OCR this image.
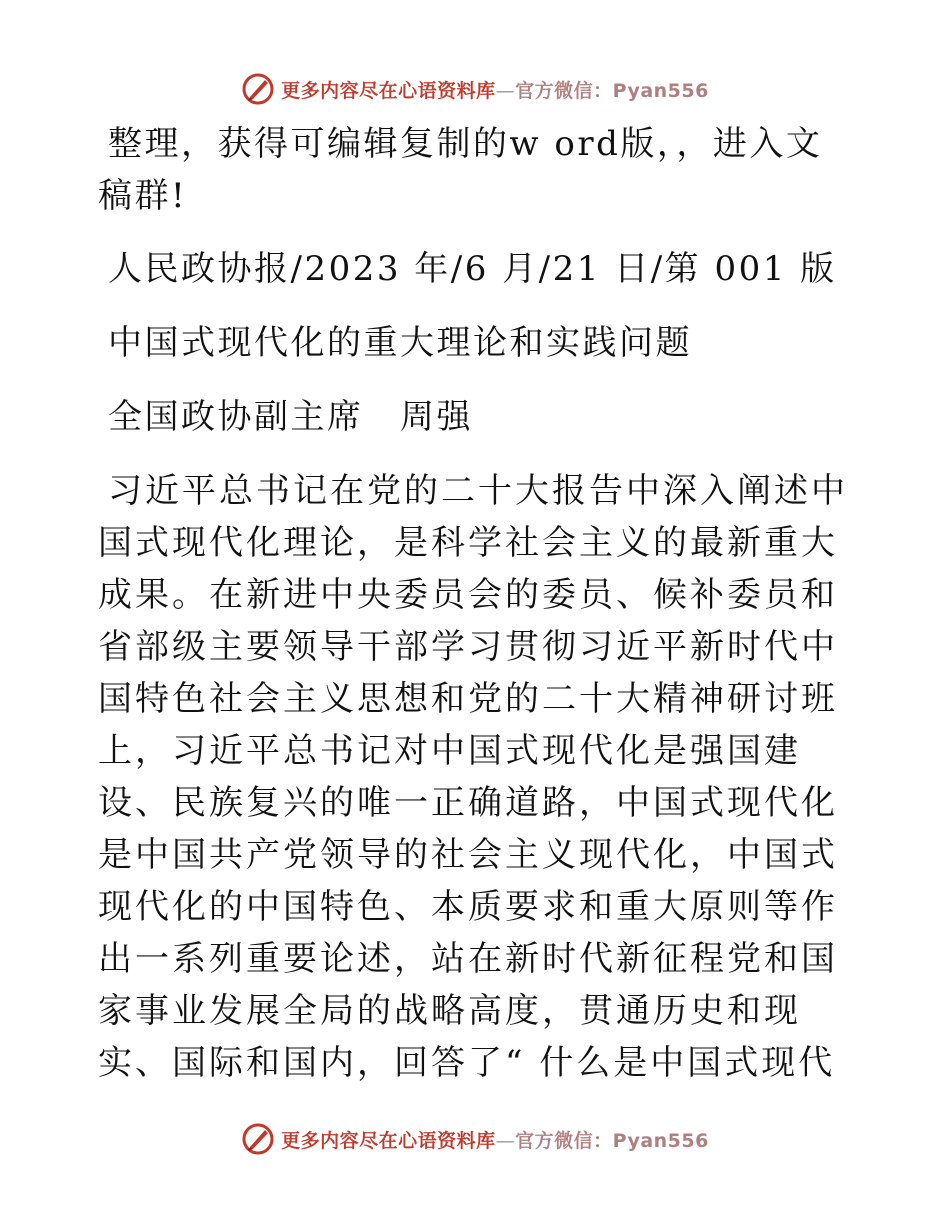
更多内容尽在心语资料库—官方微信：Pyan556

整理，获得可编辑复制的w ord版，，进入文稿群!

人民政协报/2023 年/6 月/21 日/第 001 版

中国式现代化的重大理论和实践问题

全国政协副主席　周强

习近平总书记在党的二十大报告中深入阐述中国式现代化理论，是科学社会主义的最新重大成果。在新进中央委员会的委员、候补委员和省部级主要领导干部学习贯彻习近平新时代中国特色社会主义思想和党的二十大精神研讨班上，习近平总书记对中国式现代化是强国建设、民族复兴的唯一正确道路，中国式现代化是中国共产党领导的社会主义现代化，中国式现代化的中国特色、本质要求和重大原则等作出一系列重要论述，站在新时代新征程党和国家事业发展全局的战略高度，贯通历史和现实、国际和国内，回答了“ 什么是中国式现代

更多内容尽在心语资料库—官方微信：Pyan556
